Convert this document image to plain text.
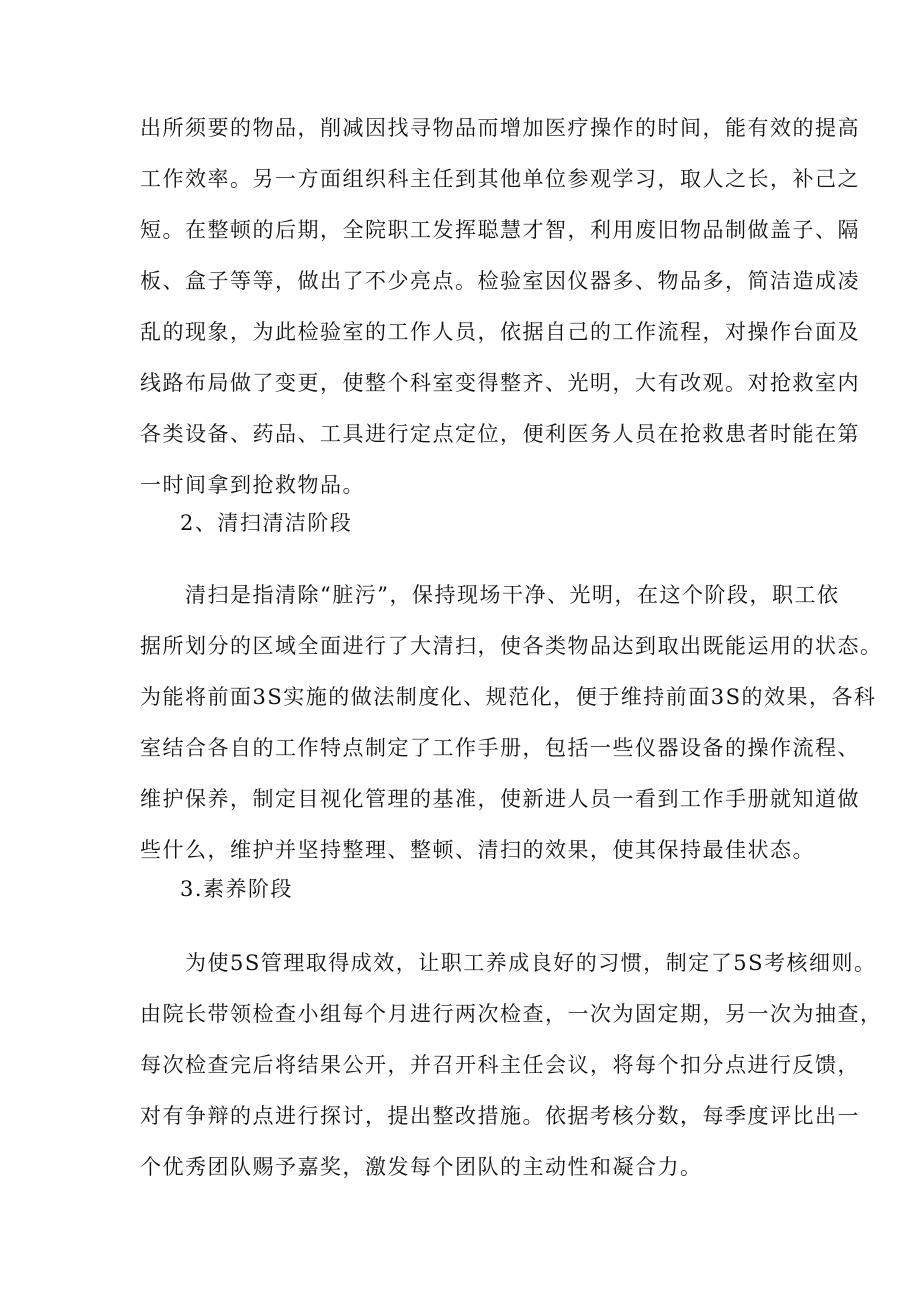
出所须要的物品，削减因找寻物品而增加医疗操作的时间，能有效的提高
工作效率。另一方面组织科主任到其他单位参观学习，取人之长，补己之
短。在整顿的后期，全院职工发挥聪慧才智，利用废旧物品制做盖子、隔
板、盒子等等，做出了不少亮点。检验室因仪器多、物品多，简洁造成凌
乱的现象，为此检验室的工作人员，依据自己的工作流程，对操作台面及
线路布局做了变更，使整个科室变得整齐、光明，大有改观。对抢救室内
各类设备、药品、工具进行定点定位，便利医务人员在抢救患者时能在第
一时间拿到抢救物品。
2、清扫清洁阶段
　　清扫是指清除“脏污”，保持现场干净、光明，在这个阶段，职工依
据所划分的区域全面进行了大清扫，使各类物品达到取出既能运用的状态。
为能将前面3S实施的做法制度化、规范化，便于维持前面3S的效果，各科
室结合各自的工作特点制定了工作手册，包括一些仪器设备的操作流程、
维护保养，制定目视化管理的基准，使新进人员一看到工作手册就知道做
些什么，维护并坚持整理、整顿、清扫的效果，使其保持最佳状态。
3.素养阶段
　　为使5S管理取得成效，让职工养成良好的习惯，制定了5S考核细则。
由院长带领检查小组每个月进行两次检查，一次为固定期，另一次为抽查，
每次检查完后将结果公开，并召开科主任会议，将每个扣分点进行反馈，
对有争辩的点进行探讨，提出整改措施。依据考核分数，每季度评比出一
个优秀团队赐予嘉奖，激发每个团队的主动性和凝合力。
